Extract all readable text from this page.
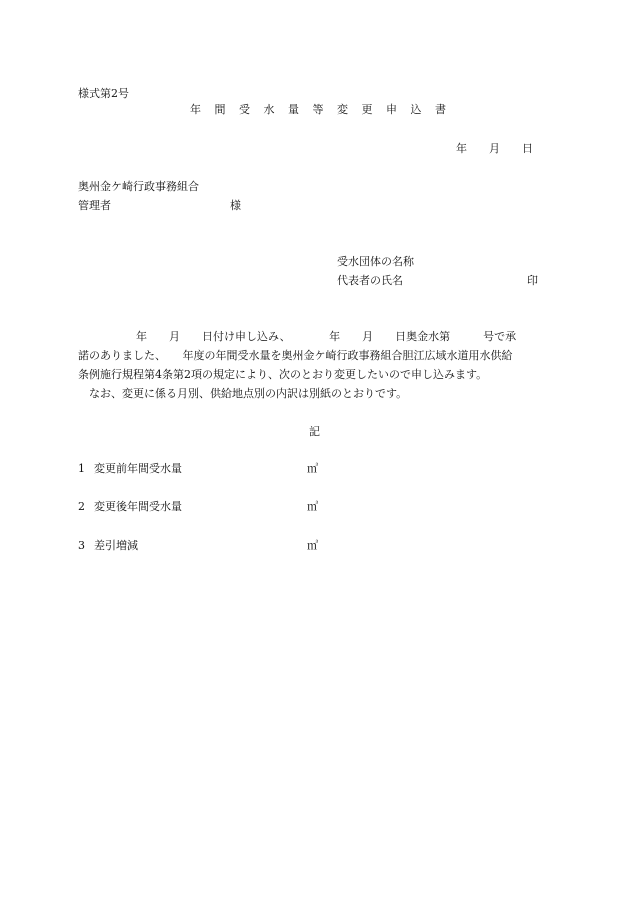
様式第2号
年 間 受 水 量 等 変 更 申 込 書
年　　月　　日
奥州金ケ崎行政事務組合
管理者	様
受水団体の名称
代表者の氏名	印
年　　月　　日付け申し込み、　　　　年　　月　　日奥金水第　　　号で承
諾のありました、　　年度の年間受水量を奥州金ケ崎行政事務組合胆江広域水道用水供給
条例施行規程第4条第2項の規定により、次のとおり変更したいので申し込みます。
なお、変更に係る月別、供給地点別の内訳は別紙のとおりです。
記
1 変更前年間受水量	㎥
2 変更後年間受水量	㎥
3 差引増減	㎥
